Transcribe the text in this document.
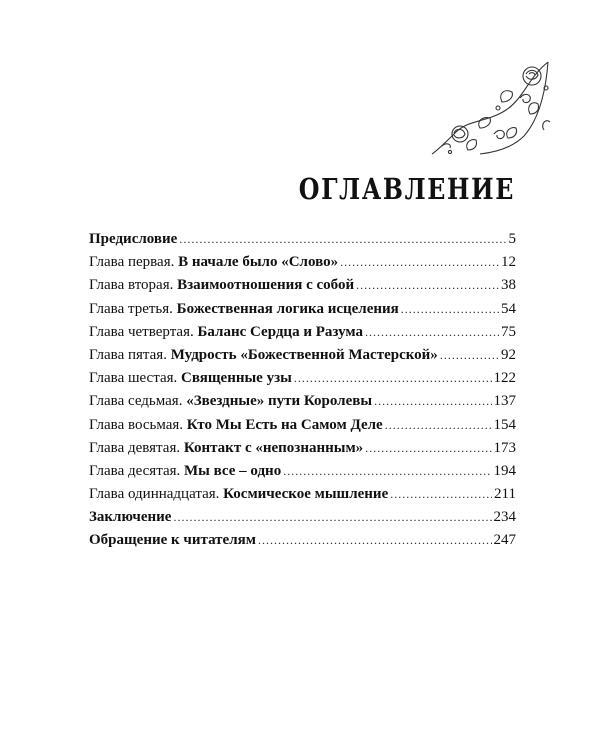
ОГЛАВЛЕНИЕ
Предисловие .....	5
Глава первая. В начале было «Слово» .....	12
Глава вторая. Взаимоотношения с собой .....	38
Глава третья. Божественная логика исцеления .....	54
Глава четвертая. Баланс Сердца и Разума .....	75
Глава пятая. Мудрость «Божественной Мастерской» .....	92
Глава шестая. Священные узы .....	122
Глава седьмая. «Звездные» пути Королевы .....	137
Глава восьмая. Кто Мы Есть на Самом Деле .....	154
Глава девятая. Контакт с «непознанным» .....	173
Глава десятая. Мы все – одно .....	194
Глава одиннадцатая. Космическое мышление .....	211
Заключение .....	234
Обращение к читателям .....	247
